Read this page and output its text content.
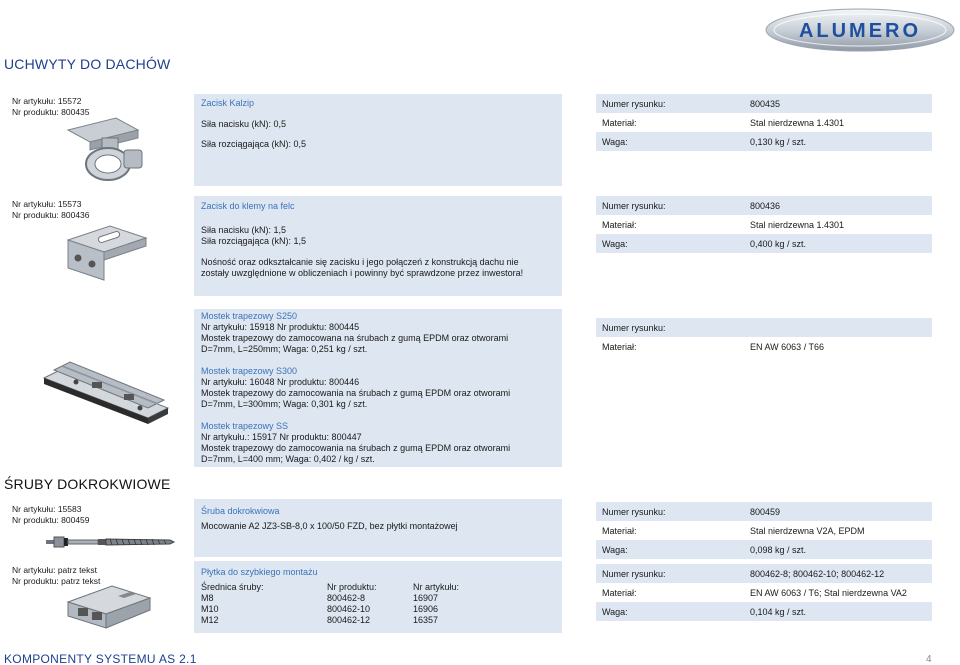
ALUMERO
UCHWYTY DO DACHÓW
Nr artykułu: 15572
Nr produktu: 800435
Zacisk Kalzip
Siła nacisku (kN): 0,5
Siła rozciągająca (kN): 0,5
Numer rysunku:	800435
Materiał:	Stal nierdzewna 1.4301
Waga:	0,130 kg / szt.
Nr artykułu: 15573
Nr produktu: 800436
Zacisk do klemy na felc
Siła nacisku (kN): 1,5
Siła rozciągająca (kN): 1,5
Nośność oraz odkształcanie się zacisku i jego połączeń z konstrukcją dachu nie
zostały uwzględnione w obliczeniach i powinny być sprawdzone przez inwestora!
Numer rysunku:	800436
Materiał:	Stal nierdzewna 1.4301
Waga:	0,400 kg / szt.
Mostek trapezowy S250
Nr artykułu: 15918 Nr produktu: 800445
Mostek trapezowy do zamocowana na śrubach z gumą EPDM oraz otworami
D=7mm, L=250mm; Waga: 0,251 kg / szt.
Mostek trapezowy S300
Nr artykułu: 16048 Nr produktu: 800446
Mostek trapezowy do zamocowania na śrubach z gumą EPDM oraz otworami
D=7mm, L=300mm; Waga: 0,301 kg / szt.
Mostek trapezowy SS
Nr artykułu.: 15917 Nr produktu: 800447
Mostek trapezowy do zamocowania na śrubach z gumą EPDM oraz otworami
D=7mm, L=400 mm; Waga: 0,402 / kg / szt.
Numer rysunku:
Materiał:	EN AW 6063 / T66
ŚRUBY DOKROKWIOWE
Nr artykułu: 15583
Nr produktu: 800459
Śruba dokrokwiowa
Mocowanie A2 JZ3-SB-8,0 x 100/50 FZD, bez płytki montażowej
Numer rysunku:	800459
Materiał:	Stal nierdzewna V2A, EPDM
Waga:	0,098 kg / szt.
Nr artykułu: patrz tekst
Nr produktu: patrz tekst
Płytka do szybkiego montażu
Średnica śruby:	Nr produktu:	Nr artykułu:
M8	800462-8	16907
M10	800462-10	16906
M12	800462-12	16357
Numer rysunku:	800462-8; 800462-10; 800462-12
Materiał:	EN AW 6063 / T6; Stal nierdzewna VA2
Waga:	0,104 kg / szt.
KOMPONENTY SYSTEMU AS 2.1	4
